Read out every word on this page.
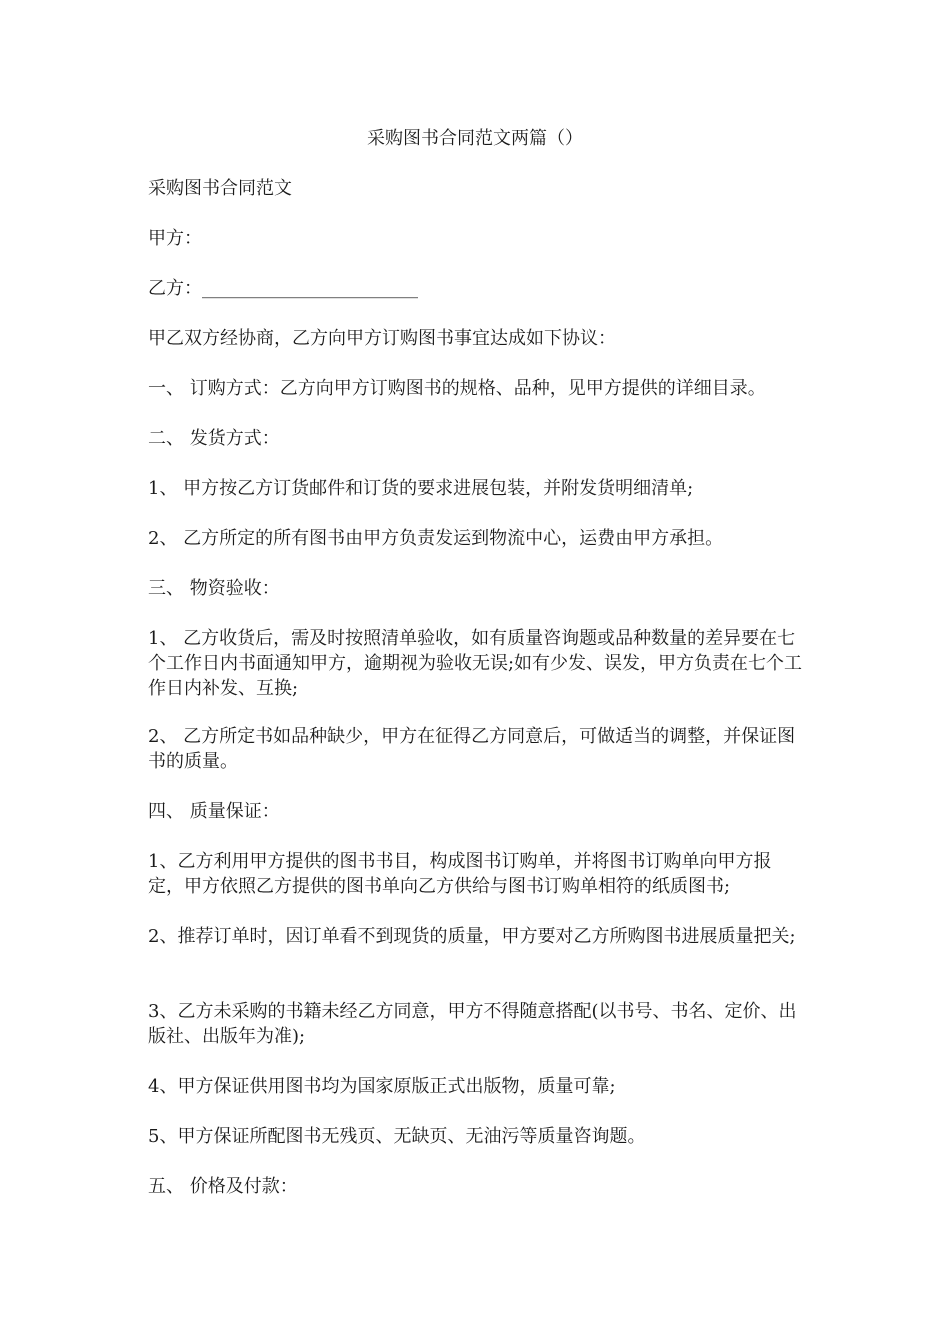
采购图书合同范文两篇（）
采购图书合同范文
甲方：
乙方：________________________
甲乙双方经协商，乙方向甲方订购图书事宜达成如下协议：
一、 订购方式：乙方向甲方订购图书的规格、品种，见甲方提供的详细目录。
二、 发货方式：
1、 甲方按乙方订货邮件和订货的要求进展包装，并附发货明细清单;
2、 乙方所定的所有图书由甲方负责发运到物流中心，运费由甲方承担。
三、 物资验收：
1、 乙方收货后，需及时按照清单验收，如有质量咨询题或品种数量的差异要在七个工作日内书面通知甲方，逾期视为验收无误;如有少发、误发，甲方负责在七个工作日内补发、互换;
2、 乙方所定书如品种缺少，甲方在征得乙方同意后，可做适当的调整，并保证图书的质量。
四、 质量保证：
1、乙方利用甲方提供的图书书目，构成图书订购单，并将图书订购单向甲方报定，甲方依照乙方提供的图书单向乙方供给与图书订购单相符的纸质图书;
2、推荐订单时，因订单看不到现货的质量，甲方要对乙方所购图书进展质量把关;
3、乙方未采购的书籍未经乙方同意，甲方不得随意搭配(以书号、书名、定价、出版社、出版年为准);
4、甲方保证供用图书均为国家原版正式出版物，质量可靠;
5、甲方保证所配图书无残页、无缺页、无油污等质量咨询题。
五、 价格及付款：
